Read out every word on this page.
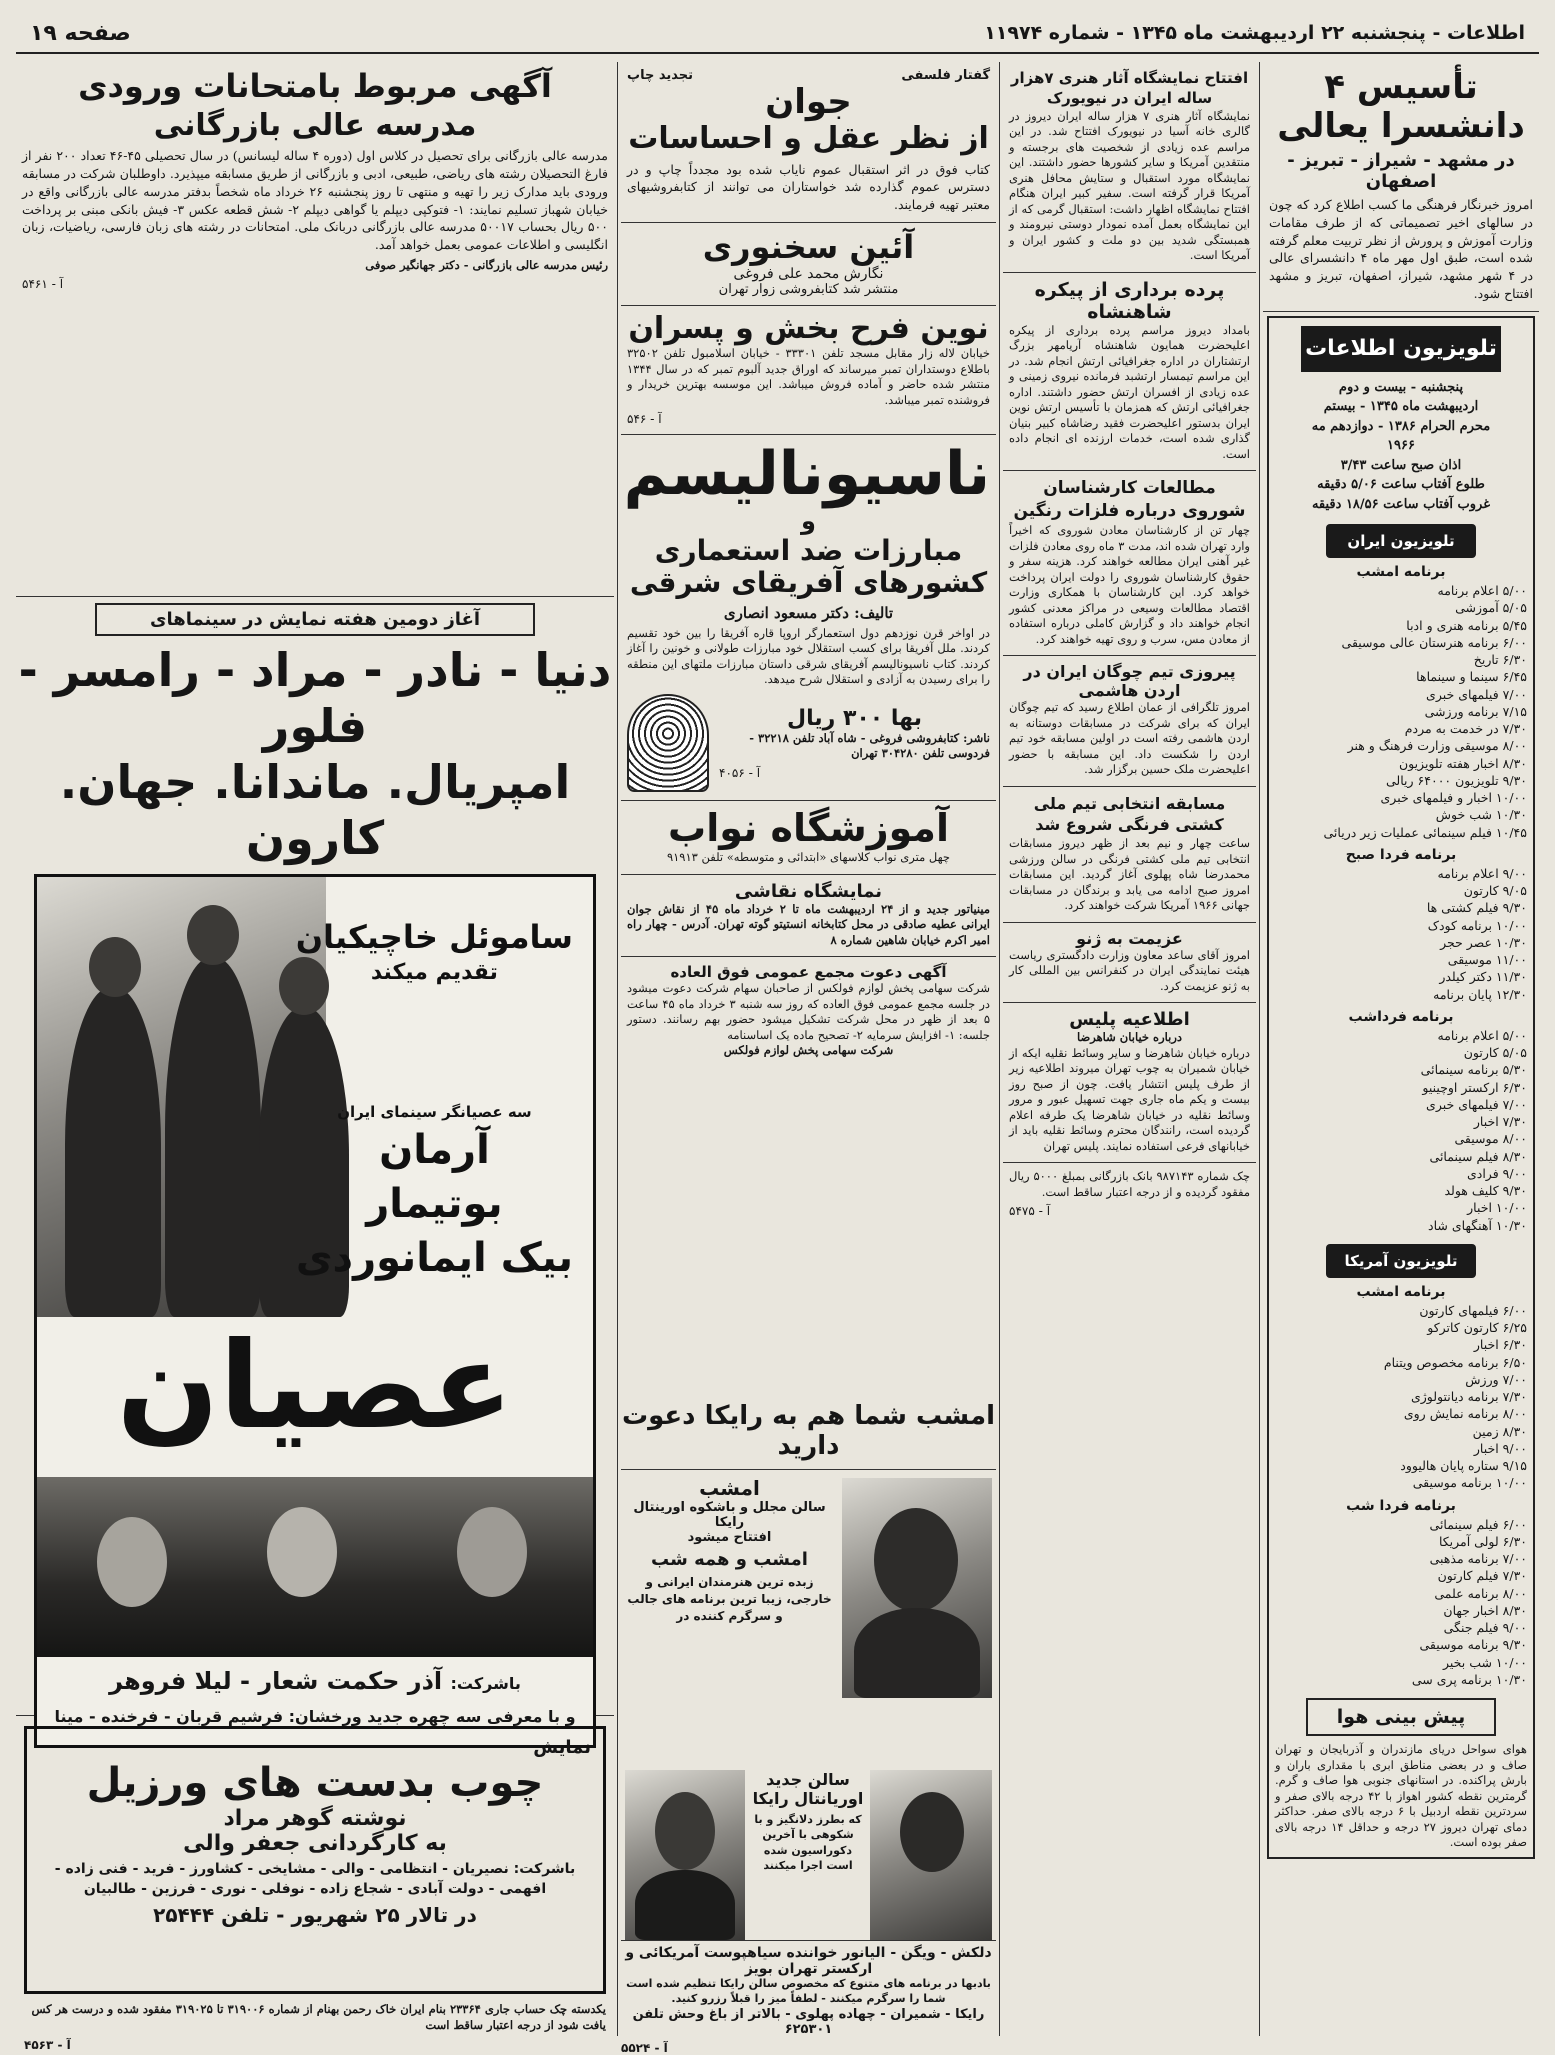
اطلاعات - پنجشنبه ۲۲ اردیبهشت ماه ۱۳۴۵ - شماره ۱۱۹۷۴
صفحه ۱۹
تأسیس ۴ دانشسرا یعالی
در مشهد - شیراز - تبریز - اصفهان

امروز خبرنگار فرهنگی ما کسب اطلاع کرد که چون در سالهای اخیر تصمیماتی که از طرف مقامات وزارت آموزش و پرورش از نظر تربیت معلم گرفته شده است، طبق اول مهر ماه ۴ دانشسرای عالی در ۴ شهر مشهد، شیراز، اصفهان، تبریز و مشهد افتتاح شود.

تلویزیون اطلاعات
پنجشنبه - بیست و دوم
اردیبهشت ماه ۱۳۴۵ - بیستم
محرم الحرام ۱۳۸۶ - دوازدهم مه
۱۹۶۶
اذان صبح ساعت ۳/۴۳
طلوع آفتاب ساعت ۵/۰۶ دقیقه
غروب آفتاب ساعت ۱۸/۵۶ دقیقه
تلویزیون ایران
برنامه امشب
۵/۰۰ اعلام برنامه
۵/۰۵ آموزشی
۵/۴۵ برنامه هنری و ادبا
۶/۰۰ برنامه هنرستان عالی موسیقی
۶/۳۰ تاریخ
۶/۴۵ سینما و سینماها
۷/۰۰ فیلمهای خبری
۷/۱۵ برنامه ورزشی
۷/۳۰ در خدمت به مردم
۸/۰۰ موسیقی وزارت فرهنگ و هنر
۸/۳۰ اخبار هفته تلویزیون
۹/۳۰ تلویزیون ۶۴۰۰۰ ریالی
۱۰/۰۰ اخبار و فیلمهای خبری
۱۰/۳۰ شب خوش
۱۰/۴۵ فیلم سینمائی عملیات زیر دریائی
برنامه فردا صبح
۹/۰۰ اعلام برنامه
۹/۰۵ کارتون
۹/۳۰ فیلم کشتی ها
۱۰/۰۰ برنامه کودک
۱۰/۳۰ عصر حجر
۱۱/۰۰ موسیقی
۱۱/۳۰ دکتر کیلدر
۱۲/۳۰ پایان برنامه
برنامه فرداشب
۵/۰۰ اعلام برنامه
۵/۰۵ کارتون
۵/۳۰ برنامه سینمائی
۶/۳۰ ارکستر اوچینیو
۷/۰۰ فیلمهای خبری
۷/۳۰ اخبار
۸/۰۰ موسیقی
۸/۳۰ فیلم سینمائی
۹/۰۰ فرادی
۹/۳۰ کلیف هولد
۱۰/۰۰ اخبار
۱۰/۳۰ آهنگهای شاد
تلویزیون آمریکا
برنامه امشب
۶/۰۰ فیلمهای کارتون
۶/۲۵ کارتون کاترکو
۶/۳۰ اخبار
۶/۵۰ برنامه مخصوص ویتنام
۷/۰۰ ورزش
۷/۳۰ برنامه دیانتولوژی
۸/۰۰ برنامه نمایش روی
۸/۳۰ زمین
۹/۰۰ اخبار
۹/۱۵ ستاره پایان هالیوود
۱۰/۰۰ برنامه موسیقی
برنامه فردا شب
۶/۰۰ فیلم سینمائی
۶/۳۰ لولی آمریکا
۷/۰۰ برنامه مذهبی
۷/۳۰ فیلم کارتون
۸/۰۰ برنامه علمی
۸/۳۰ اخبار جهان
۹/۰۰ فیلم جنگی
۹/۳۰ برنامه موسیقی
۱۰/۰۰ شب بخیر
۱۰/۳۰ برنامه پری سی
پیش بینی هوا

هوای سواحل دریای مازندران و آذربایجان و تهران صاف و در بعضی مناطق ابری با مقداری باران و بارش پراکنده. در استانهای جنوبی هوا صاف و گرم. گرمترین نقطه کشور اهواز با ۴۲ درجه بالای صفر و سردترین نقطه اردبیل با ۶ درجه بالای صفر. حداکثر دمای تهران دیروز ۲۷ درجه و حداقل ۱۴ درجه بالای صفر بوده است.

افتتاح نمایشگاه آثار هنری ۷هزار ساله ایران در نیویورک

نمایشگاه آثار هنری ۷ هزار ساله ایران دیروز در گالری خانه آسیا در نیویورک افتتاح شد. در این مراسم عده زیادی از شخصیت های برجسته و منتقدین آمریکا و سایر کشورها حضور داشتند. این نمایشگاه مورد استقبال و ستایش محافل هنری آمریکا قرار گرفته است. سفیر کبیر ایران هنگام افتتاح نمایشگاه اظهار داشت: استقبال گرمی که از این نمایشگاه بعمل آمده نمودار دوستی نیرومند و همبستگی شدید بین دو ملت و کشور ایران و آمریکا است.

پرده برداری از پیکره شاهنشاه

بامداد دیروز مراسم پرده برداری از پیکره اعلیحضرت همایون شاهنشاه آریامهر بزرگ ارتشتاران در اداره جغرافیائی ارتش انجام شد. در این مراسم تیمسار ارتشبد فرمانده نیروی زمینی و عده زیادی از افسران ارتش حضور داشتند. اداره جغرافیائی ارتش که همزمان با تأسیس ارتش نوین ایران بدستور اعلیحضرت فقید رضاشاه کبیر بنیان گذاری شده است، خدمات ارزنده ای انجام داده است.

مطالعات کارشناسان شوروی درباره فلزات رنگین

چهار تن از کارشناسان معادن شوروی که اخیراً وارد تهران شده اند، مدت ۳ ماه روی معادن فلزات غیر آهنی ایران مطالعه خواهند کرد. هزینه سفر و حقوق کارشناسان شوروی را دولت ایران پرداخت خواهد کرد. این کارشناسان با همکاری وزارت اقتصاد مطالعات وسیعی در مراکز معدنی کشور انجام خواهند داد و گزارش کاملی درباره استفاده از معادن مس، سرب و روی تهیه خواهند کرد.

پیروزی تیم چوگان ایران در اردن هاشمی

امروز تلگرافی از عمان اطلاع رسید که تیم چوگان ایران که برای شرکت در مسابقات دوستانه به اردن هاشمی رفته است در اولین مسابقه خود تیم اردن را شکست داد. این مسابقه با حضور اعلیحضرت ملک حسین برگزار شد.

مسابقه انتخابی تیم ملی کشتی فرنگی شروع شد

ساعت چهار و نیم بعد از ظهر دیروز مسابقات انتخابی تیم ملی کشتی فرنگی در سالن ورزشی محمدرضا شاه پهلوی آغاز گردید. این مسابقات امروز صبح ادامه می یابد و برندگان در مسابقات جهانی ۱۹۶۶ آمریکا شرکت خواهند کرد.

عزیمت به ژنو

امروز آقای ساعد معاون وزارت دادگستری ریاست هیئت نمایندگی ایران در کنفرانس بین المللی کار به ژنو عزیمت کرد.

اطلاعیه پلیس
درباره خیابان شاهرضا

درباره خیابان شاهرضا و سایر وسائط نقلیه ایکه از خیابان شمیران به چوب تهران میروند اطلاعیه زیر از طرف پلیس انتشار یافت. چون از صبح روز بیست و یکم ماه جاری جهت تسهیل عبور و مرور وسائط نقلیه در خیابان شاهرضا یک طرفه اعلام گردیده است، رانندگان محترم وسائط نقلیه باید از خیابانهای فرعی استفاده نمایند. پلیس تهران

چک شماره ۹۸۷۱۴۳ بانک بازرگانی بمبلغ ۵۰۰۰ ریال مفقود گردیده و از درجه اعتبار ساقط است.

آ - ۵۴۷۵
گفتار فلسفی
تجدید چاپ
جوان
از نظر عقل و احساسات

کتاب فوق در اثر استقبال عموم نایاب شده بود مجدداً چاپ و در دسترس عموم گذارده شد خواستاران می توانند از کتابفروشیهای معتبر تهیه فرمایند.

آئین سخنوری
نگارش محمد علی فروغی
منتشر شد کتابفروشی زوار تهران
نوین فرح بخش و پسران

خیابان لاله زار مقابل مسجد تلفن ۳۳۳۰۱ - خیابان اسلامبول تلفن ۳۲۵۰۲ باطلاع دوستداران تمبر میرساند که اوراق جدید آلبوم تمبر که در سال ۱۳۴۴ منتشر شده حاضر و آماده فروش میباشد. این موسسه بهترین خریدار و فروشنده تمبر میباشد.

آ - ۵۴۶
ناسیونالیسم
و
مبارزات ضد استعماری کشورهای آفریقای شرقی
تالیف: دکتر مسعود انصاری

در اواخر قرن نوزدهم دول استعمارگر اروپا قاره آفریقا را بین خود تقسیم کردند. ملل آفریقا برای کسب استقلال خود مبارزات طولانی و خونین را آغاز کردند. کتاب ناسیونالیسم آفریقای شرقی داستان مبارزات ملتهای این منطقه را برای رسیدن به آزادی و استقلال شرح میدهد.

بها ۳۰۰ ریال

ناشر: کتابفروشی فروغی - شاه آباد تلفن ۳۲۲۱۸ - فردوسی تلفن ۳۰۴۲۸۰ تهران

آ - ۴۰۵۶
آموزشگاه نواب
چهل متری نواب کلاسهای «ابتدائی و متوسطه» تلفن ۹۱۹۱۳
نمایشگاه نقاشی

مینیاتور جدید و از ۲۴ اردیبهشت ماه تا ۲ خرداد ماه ۴۵ از نقاش جوان ایرانی عطیه صادقی در محل کتابخانه انستیتو گوته تهران. آدرس - چهار راه امیر اکرم خیابان شاهین شماره ۸

آگهی دعوت مجمع عمومی فوق العاده

شرکت سهامی پخش لوازم فولکس از صاحبان سهام شرکت دعوت میشود در جلسه مجمع عمومی فوق العاده که روز سه شنبه ۳ خرداد ماه ۴۵ ساعت ۵ بعد از ظهر در محل شرکت تشکیل میشود حضور بهم رسانند. دستور جلسه: ۱- افزایش سرمایه ۲- تصحیح ماده یک اساسنامه

شرکت سهامی پخش لوازم فولکس
آگهی مربوط بامتحانات ورودی
مدرسه عالی بازرگانی

مدرسه عالی بازرگانی برای تحصیل در کلاس اول (دوره ۴ ساله لیسانس) در سال تحصیلی ۴۵-۴۶ تعداد ۲۰۰ نفر از فارغ التحصیلان رشته های ریاضی، طبیعی، ادبی و بازرگانی از طریق مسابقه میپذیرد. داوطلبان شرکت در مسابقه ورودی باید مدارک زیر را تهیه و منتهی تا روز پنجشنبه ۲۶ خرداد ماه شخصاً بدفتر مدرسه عالی بازرگانی واقع در خیابان شهباز تسلیم نمایند: ۱- فتوکپی دیپلم یا گواهی دیپلم ۲- شش قطعه عکس ۳- فیش بانکی مبنی بر پرداخت ۵۰۰ ریال بحساب ۵۰۰۱۷ مدرسه عالی بازرگانی دربانک ملی. امتحانات در رشته های زبان فارسی، ریاضیات، زبان انگلیسی و اطلاعات عمومی بعمل خواهد آمد.

رئیس مدرسه عالی بازرگانی - دکتر جهانگیر صوفی
آ - ۵۴۶۱
آغاز دومین هفته نمایش در سینماهای
دنیا - نادر - مراد - رامسر - فلور
امپریال. ماندانا. جهان. کارون
ساموئل خاچیکیان
تقدیم میکند
سه عصیانگر سینمای ایران
آرمان
بوتیمار
بیک ایمانوردی
عصیان
باشرکت: آذر حکمت شعار - لیلا فروهر
و با معرفی سه چهره جدید ورخشان: فرشیم قربان - فرخنده - مینا
نمایش
چوب بدست های ورزیل
نوشته گوهر مراد
به کارگردانی جعفر والی
باشرکت: نصیریان - انتظامی - والی - مشایخی - کشاورز - فرید - فنی زاده - افهمی - دولت آبادی - شجاع زاده - نوفلی - نوری - فرزین - طالبیان
در تالار ۲۵ شهریور - تلفن ۲۵۴۴۴
یکدسته چک حساب جاری ۲۳۳۶۴ بنام ایران خاک رحمن بهنام از شماره ۳۱۹۰۰۶ تا ۳۱۹۰۲۵ مفقود شده و درست هر کس یافت شود از درجه اعتبار ساقط است
آ - ۴۵۶۳
امشب شما هم به رایکا دعوت دارید
امشب
سالن مجلل و باشکوه اورینتال رایکا
افتتاح میشود
امشب و همه شب
زبده ترین هنرمندان ایرانی و خارجی، زیبا ترین برنامه های جالب و سرگرم کننده در
سالن جدید
اوریانتال رایکا
که بطرز دلانگیز و با شکوهی با آخرین دکوراسیون شده است اجرا میکنند
دلکش - ویگن - الیانور خواننده سیاهپوست آمریکائی و ارکستر تهران بویز
بادبها در برنامه های متنوع که مخصوص سالن رایکا تنظیم شده است شما را سرگرم میکنند - لطفاً میز را قبلاً رزرو کنید.
رایکا - شمیران - چهاده پهلوی - بالاتر از باغ وحش تلفن ۶۲۵۳۰۱
آ - ۵۵۲۴
